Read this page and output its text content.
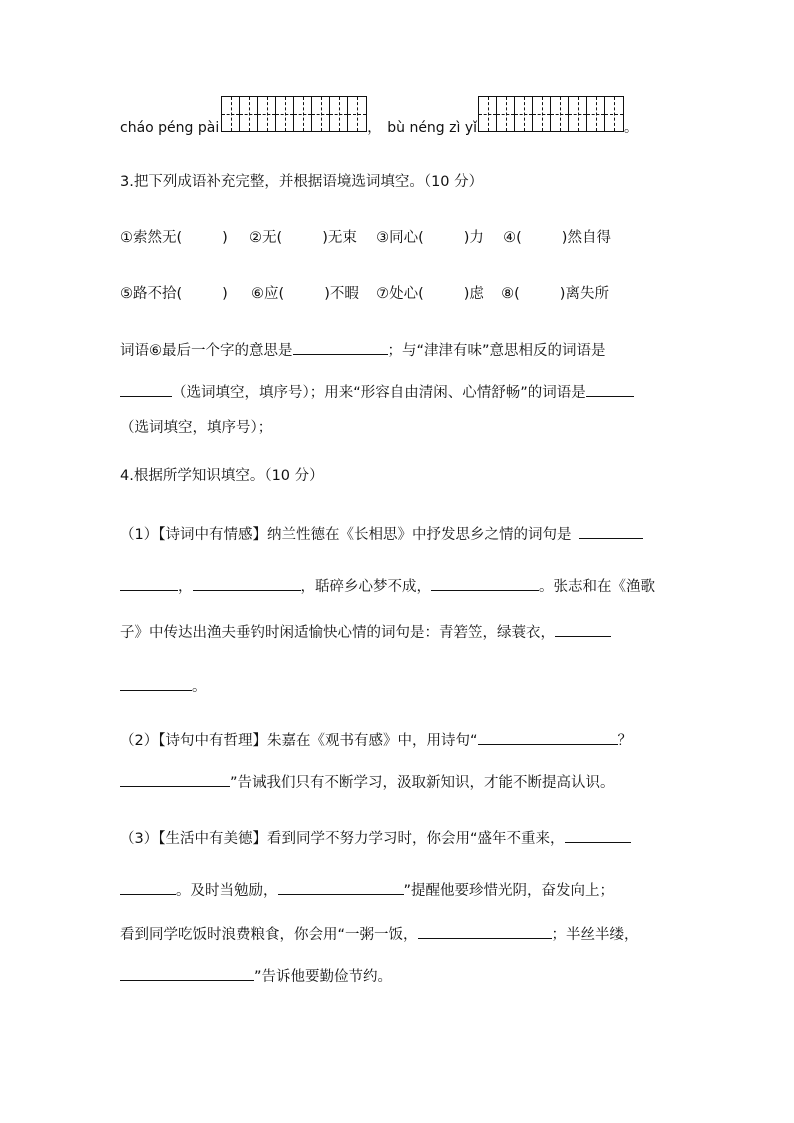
cháo péng pài	， bù néng zì yǐ	。
3.把下列成语补充完整，并根据语境选词填空。（10 分）
①索然无(	) ②无(	)无束 ③同心(	)力 ④(	)然自得
⑤路不拾(	) ⑥应(	)不暇 ⑦处心(	)虑 ⑧(	)离失所
词语⑥最后一个字的意思是	；与“津津有味”意思相反的词语是
（选词填空，填序号）；用来“形容自由清闲、心情舒畅”的词语是
（选词填空，填序号）；
4.根据所学知识填空。（10 分）
（1）【诗词中有情感】纳兰性德在《长相思》中抒发思乡之情的词句是
，	，聒碎乡心梦不成，	。张志和在《渔歌
子》中传达出渔夫垂钓时闲适愉快心情的词句是：青箬笠，绿蓑衣，
。
（2）【诗句中有哲理】朱嘉在《观书有感》中，用诗句“	？
”告诫我们只有不断学习，汲取新知识，才能不断提高认识。
（3）【生活中有美德】看到同学不努力学习时，你会用“盛年不重来，
。及时当勉励，	”提醒他要珍惜光阴，奋发向上；
看到同学吃饭时浪费粮食，你会用“一粥一饭，	；半丝半缕，
”告诉他要勤俭节约。
